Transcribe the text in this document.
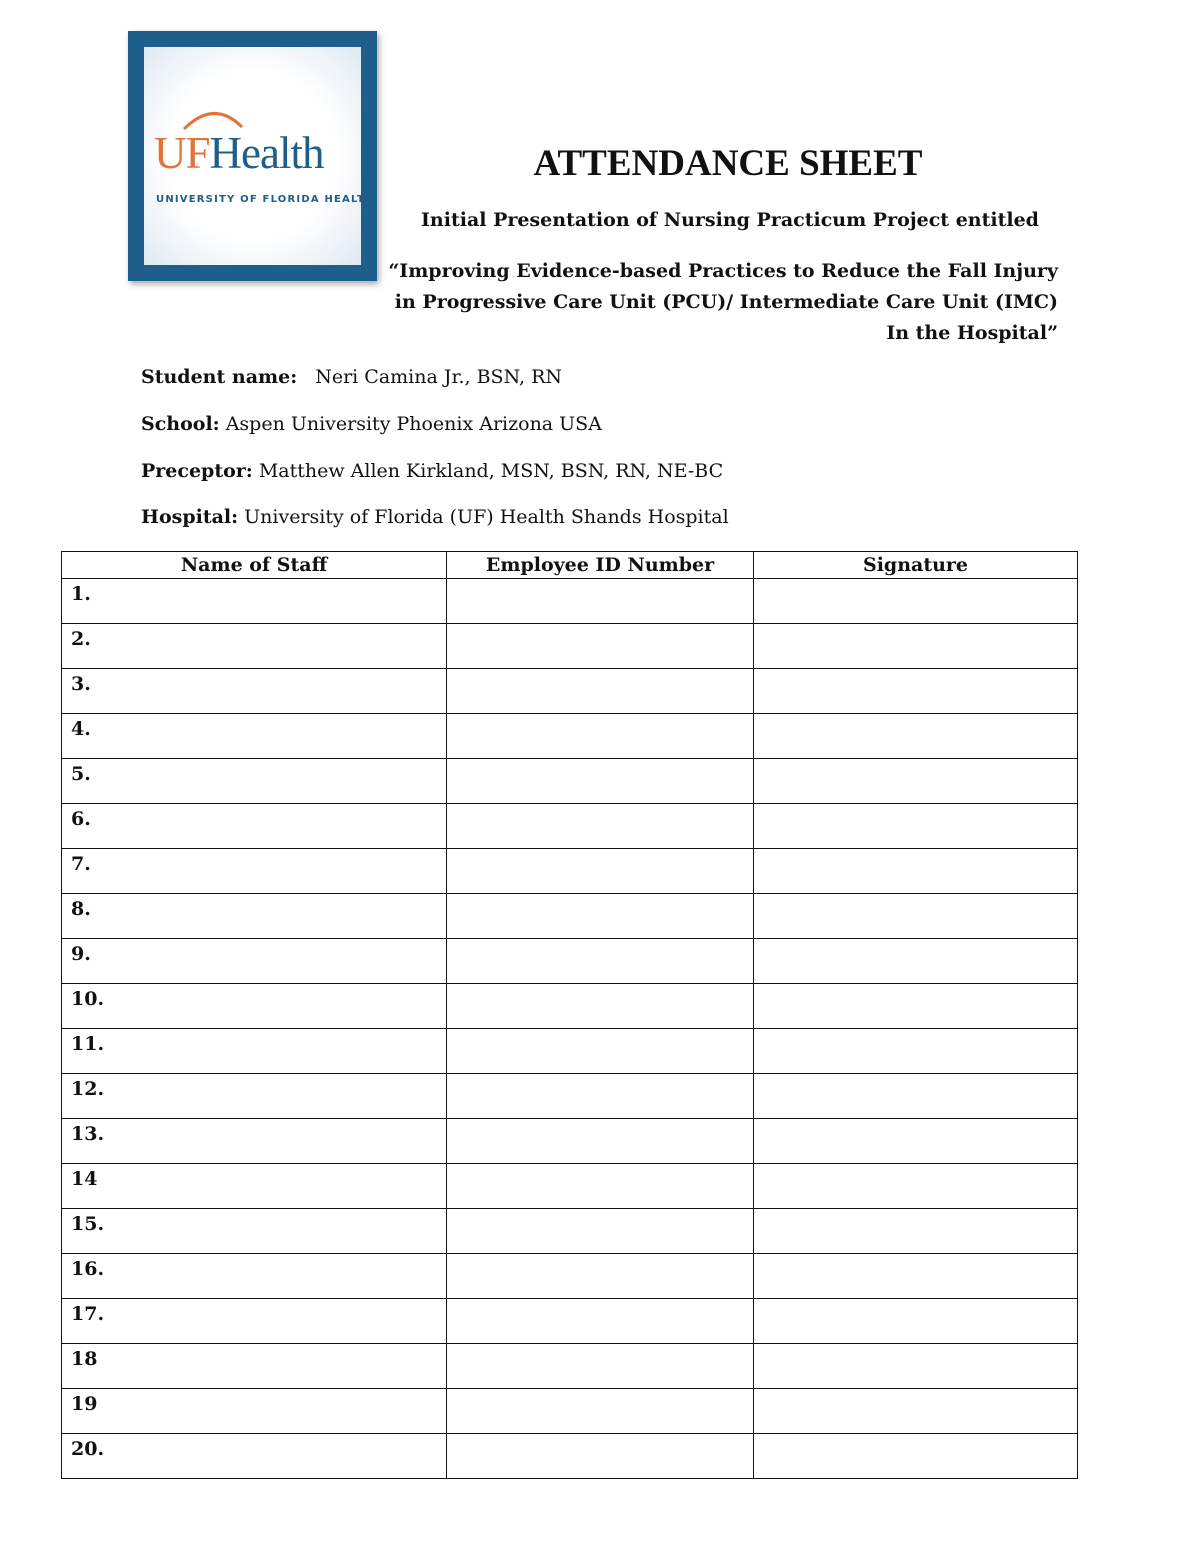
UFHealth
UNIVERSITY OF FLORIDA HEALTH
ATTENDANCE SHEET

Initial Presentation of Nursing Practicum Project entitled

“Improving Evidence-based Practices to Reduce the Fall Injury
in Progressive Care Unit (PCU)/ Intermediate Care Unit (IMC)
In the Hospital”

Student name: Neri Camina Jr., BSN, RN

School: Aspen University Phoenix Arizona USA

Preceptor: Matthew Allen Kirkland, MSN, BSN, RN, NE-BC

Hospital: University of Florida (UF) Health Shands Hospital

Name of Staff	Employee ID Number	Signature
1.		
2.		
3.		
4.		
5.		
6.		
7.		
8.		
9.		
10.		
11.		
12.		
13.		
14		
15.		
16.		
17.		
18		
19		
20.		
